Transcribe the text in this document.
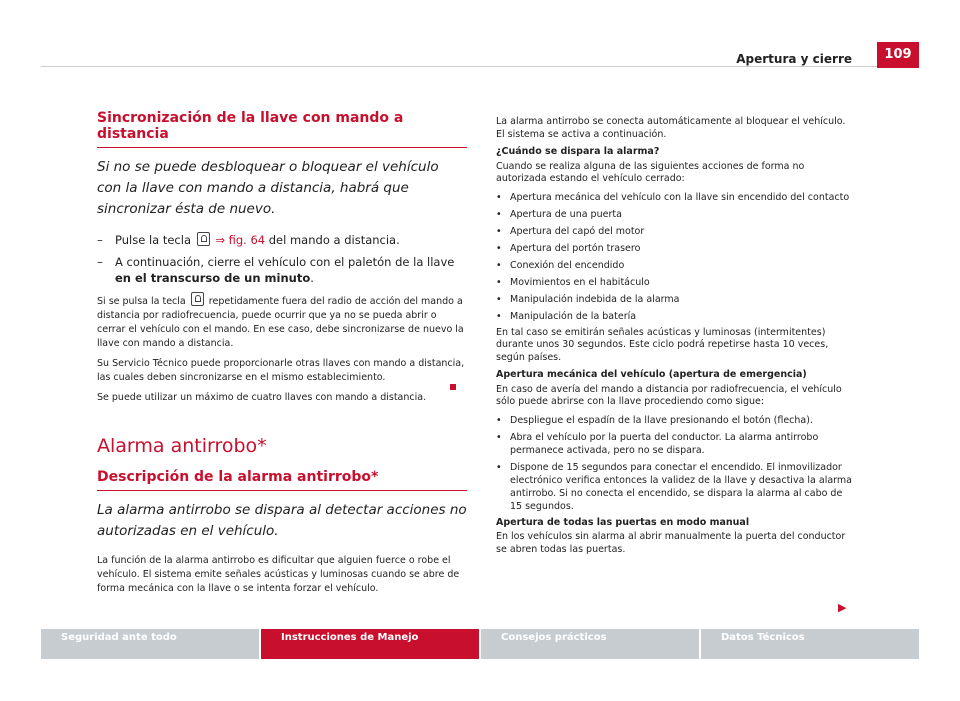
Apertura y cierre	109
Sincronización de la llave con mando a distancia

Si no se puede desbloquear o bloquear el vehículo con la llave con mando a distancia, habrá que sincronizar ésta de nuevo.

– Pulse la tecla ⇒ fig. 64 del mando a distancia.
– A continuación, cierre el vehículo con el paletón de la llave en el transcurso de un minuto.

Si se pulsa la tecla repetidamente fuera del radio de acción del mando a distancia por radiofrecuencia, puede ocurrir que ya no se pueda abrir o cerrar el vehículo con el mando. En ese caso, debe sincronizarse de nuevo la llave con mando a distancia.

Su Servicio Técnico puede proporcionarle otras llaves con mando a distancia, las cuales deben sincronizarse en el mismo establecimiento.

Se puede utilizar un máximo de cuatro llaves con mando a distancia.

Alarma antirrobo*
Descripción de la alarma antirrobo*

La alarma antirrobo se dispara al detectar acciones no autorizadas en el vehículo.

La función de la alarma antirrobo es dificultar que alguien fuerce o robe el vehículo. El sistema emite señales acústicas y luminosas cuando se abre de forma mecánica con la llave o se intenta forzar el vehículo.

La alarma antirrobo se conecta automáticamente al bloquear el vehículo. El sistema se activa a continuación.

¿Cuándo se dispara la alarma?

Cuando se realiza alguna de las siguientes acciones de forma no autorizada estando el vehículo cerrado:

• Apertura mecánica del vehículo con la llave sin encendido del contacto
• Apertura de una puerta
• Apertura del capó del motor
• Apertura del portón trasero
• Conexión del encendido
• Movimientos en el habitáculo
• Manipulación indebida de la alarma
• Manipulación de la batería

En tal caso se emitirán señales acústicas y luminosas (intermitentes) durante unos 30 segundos. Este ciclo podrá repetirse hasta 10 veces, según países.

Apertura mecánica del vehículo (apertura de emergencia)

En caso de avería del mando a distancia por radiofrecuencia, el vehículo sólo puede abrirse con la llave procediendo como sigue:

• Despliegue el espadín de la llave presionando el botón (flecha).
• Abra el vehículo por la puerta del conductor. La alarma antirrobo permanece activada, pero no se dispara.
• Dispone de 15 segundos para conectar el encendido. El inmovilizador electrónico verifica entonces la validez de la llave y desactiva la alarma antirrobo. Si no conecta el encendido, se dispara la alarma al cabo de 15 segundos.

Apertura de todas las puertas en modo manual

En los vehículos sin alarma al abrir manualmente la puerta del conductor se abren todas las puertas.

▶
Seguridad ante todo	Instrucciones de Manejo	Consejos prácticos	Datos Técnicos
